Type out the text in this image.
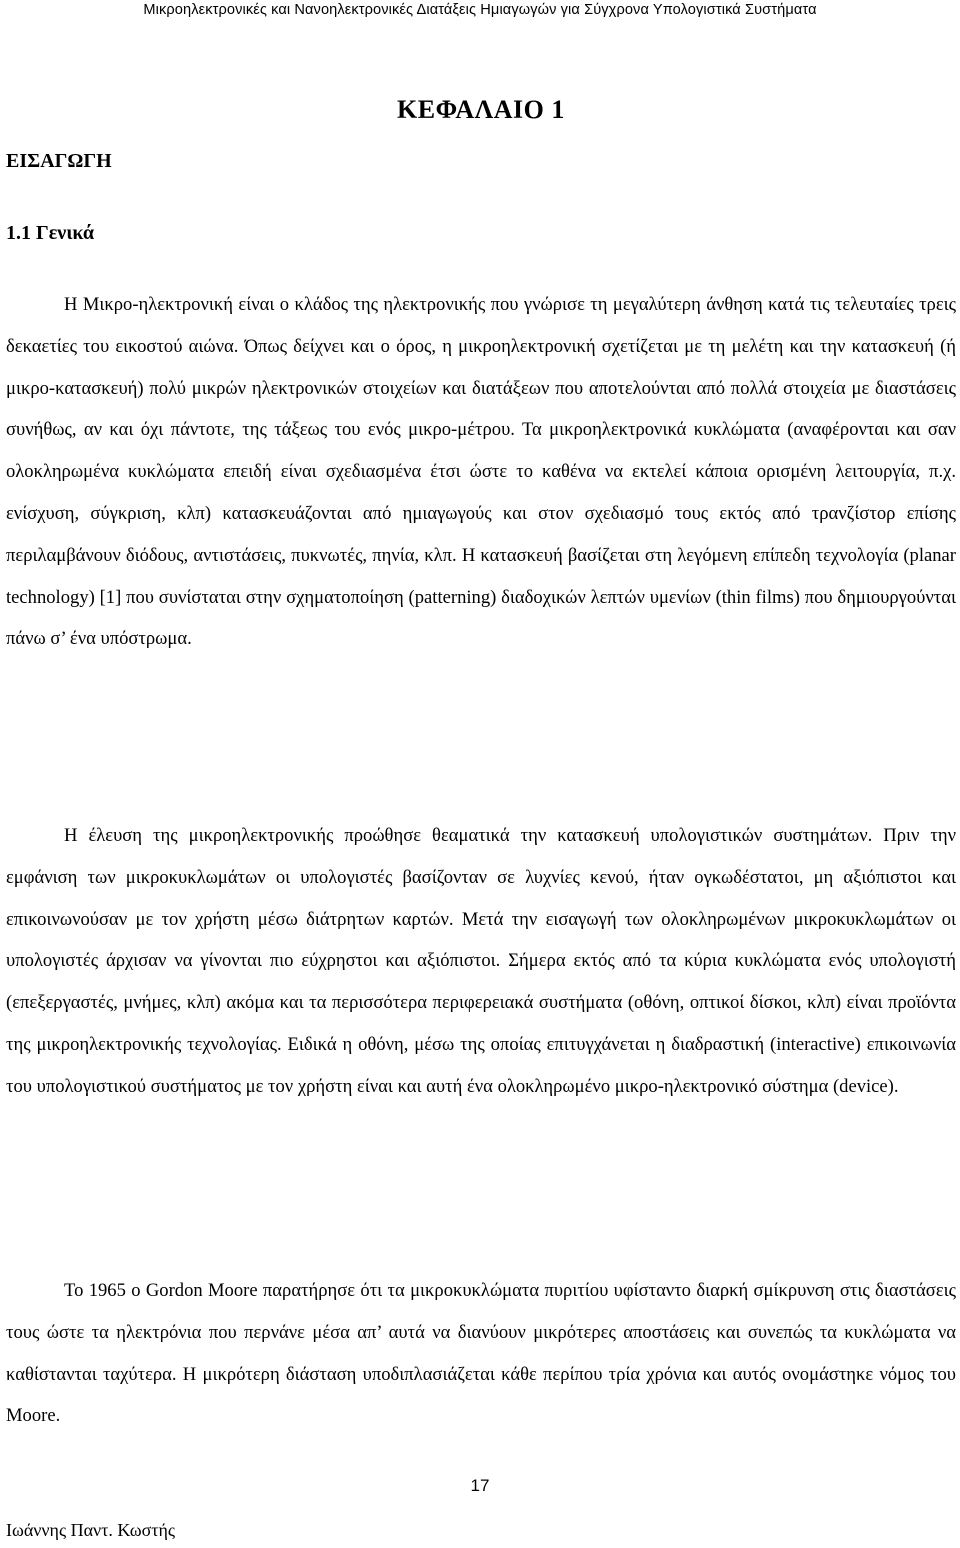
Μικροηλεκτρονικές και Νανοηλεκτρονικές Διατάξεις Ημιαγωγών για Σύγχρονα Υπολογιστικά Συστήματα
ΚΕΦΑΛΑΙΟ 1
ΕΙΣΑΓΩΓΗ
1.1 Γενικά

Η Μικρο-ηλεκτρονική είναι ο κλάδος της ηλεκτρονικής που γνώρισε τη μεγαλύτερη άνθηση κατά τις τελευταίες τρεις δεκαετίες του εικοστού αιώνα. Όπως δείχνει και ο όρος, η μικροηλεκτρονική σχετίζεται με τη μελέτη και την κατασκευή (ή μικρο-κατασκευή) πολύ μικρών ηλεκτρονικών στοιχείων και διατάξεων που αποτελούνται από πολλά στοιχεία με διαστάσεις συνήθως, αν και όχι πάντοτε, της τάξεως του ενός μικρο-μέτρου. Τα μικροηλεκτρονικά κυκλώματα (αναφέρονται και σαν ολοκληρωμένα κυκλώματα επειδή είναι σχεδιασμένα έτσι ώστε το καθένα να εκτελεί κάποια ορισμένη λειτουργία, π.χ. ενίσχυση, σύγκριση, κλπ) κατασκευάζονται από ημιαγωγούς και στον σχεδιασμό τους εκτός από τρανζίστορ επίσης περιλαμβάνουν διόδους, αντιστάσεις, πυκνωτές, πηνία, κλπ. Η κατασκευή βασίζεται στη λεγόμενη επίπεδη τεχνολογία (planar technology) [1] που συνίσταται στην σχηματοποίηση (patterning) διαδοχικών λεπτών υμενίων (thin films) που δημιουργούνται πάνω σ’ ένα υπόστρωμα.

Η έλευση της μικροηλεκτρονικής προώθησε θεαματικά την κατασκευή υπολογιστικών συστημάτων. Πριν την εμφάνιση των μικροκυκλωμάτων οι υπολογιστές βασίζονταν σε λυχνίες κενού, ήταν ογκωδέστατοι, μη αξιόπιστοι και επικοινωνούσαν με τον χρήστη μέσω διάτρητων καρτών. Μετά την εισαγωγή των ολοκληρωμένων μικροκυκλωμάτων οι υπολογιστές άρχισαν να γίνονται πιο εύχρηστοι και αξιόπιστοι. Σήμερα εκτός από τα κύρια κυκλώματα ενός υπολογιστή (επεξεργαστές, μνήμες, κλπ) ακόμα και τα περισσότερα περιφερειακά συστήματα (οθόνη, οπτικοί δίσκοι, κλπ) είναι προϊόντα της μικροηλεκτρονικής τεχνολογίας. Ειδικά η οθόνη, μέσω της οποίας επιτυγχάνεται η διαδραστική (interactive) επικοινωνία του υπολογιστικού συστήματος με τον χρήστη είναι και αυτή ένα ολοκληρωμένο μικρο-ηλεκτρονικό σύστημα (device).

Το 1965 ο Gordon Moore παρατήρησε ότι τα μικροκυκλώματα πυριτίου υφίσταντο διαρκή σμίκρυνση στις διαστάσεις τους ώστε τα ηλεκτρόνια που περνάνε μέσα απ’ αυτά να διανύουν μικρότερες αποστάσεις και συνεπώς τα κυκλώματα να καθίστανται ταχύτερα. Η μικρότερη διάσταση υποδιπλασιάζεται κάθε περίπου τρία χρόνια και αυτός ονομάστηκε νόμος του Moore.

17
Ιωάννης Παντ. Κωστής
